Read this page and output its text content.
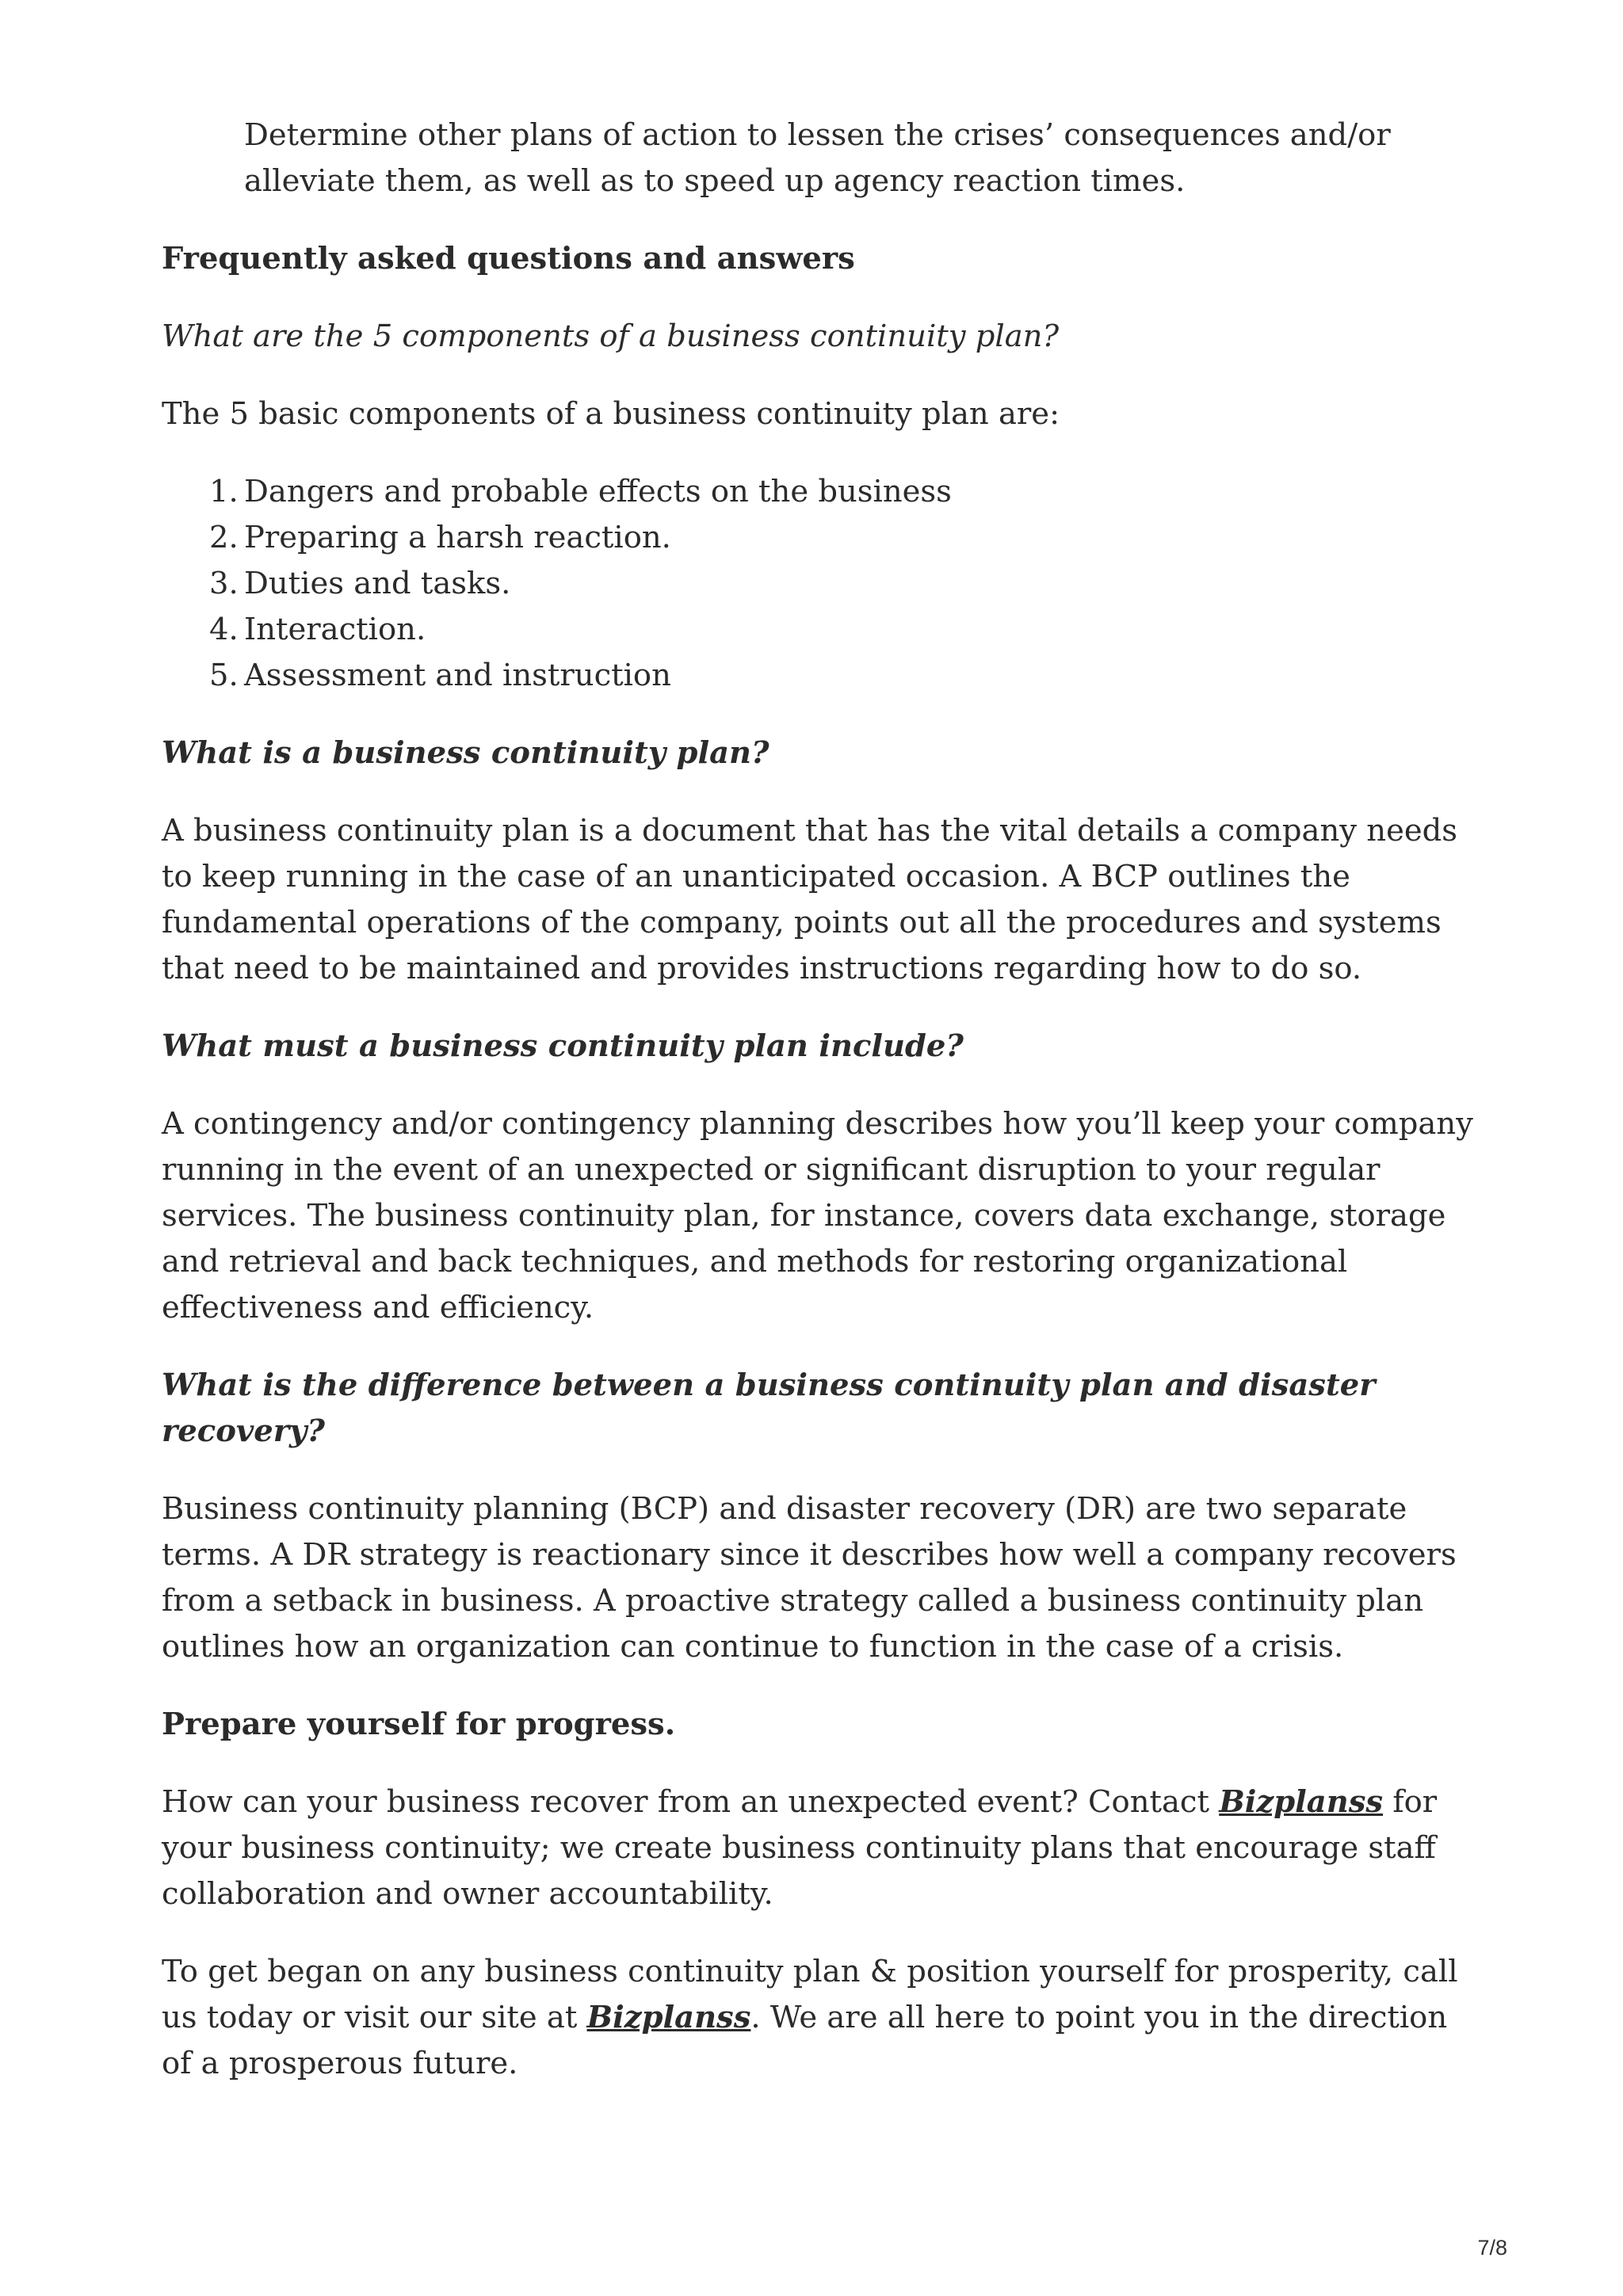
Determine other plans of action to lessen the crises’ consequences and/or alleviate them, as well as to speed up agency reaction times.

Frequently asked questions and answers
What are the 5 components of a business continuity plan?

The 5 basic components of a business continuity plan are:

1. Dangers and probable effects on the business
2. Preparing a harsh reaction.
3. Duties and tasks.
4. Interaction.
5. Assessment and instruction
What is a business continuity plan?

A business continuity plan is a document that has the vital details a company needs to keep running in the case of an unanticipated occasion. A BCP outlines the fundamental operations of the company, points out all the procedures and systems that need to be maintained and provides instructions regarding how to do so.

What must a business continuity plan include?

A contingency and/or contingency planning describes how you’ll keep your company running in the event of an unexpected or significant disruption to your regular services. The business continuity plan, for instance, covers data exchange, storage and retrieval and back techniques, and methods for restoring organizational effectiveness and efficiency.

What is the difference between a business continuity plan and disaster recovery?

Business continuity planning (BCP) and disaster recovery (DR) are two separate terms. A DR strategy is reactionary since it describes how well a company recovers from a setback in business. A proactive strategy called a business continuity plan outlines how an organization can continue to function in the case of a crisis.

Prepare yourself for progress.

How can your business recover from an unexpected event? Contact Bizplanss for your business continuity; we create business continuity plans that encourage staff collaboration and owner accountability.

To get began on any business continuity plan & position yourself for prosperity, call us today or visit our site at Bizplanss. We are all here to point you in the direction of a prosperous future.

7/8
